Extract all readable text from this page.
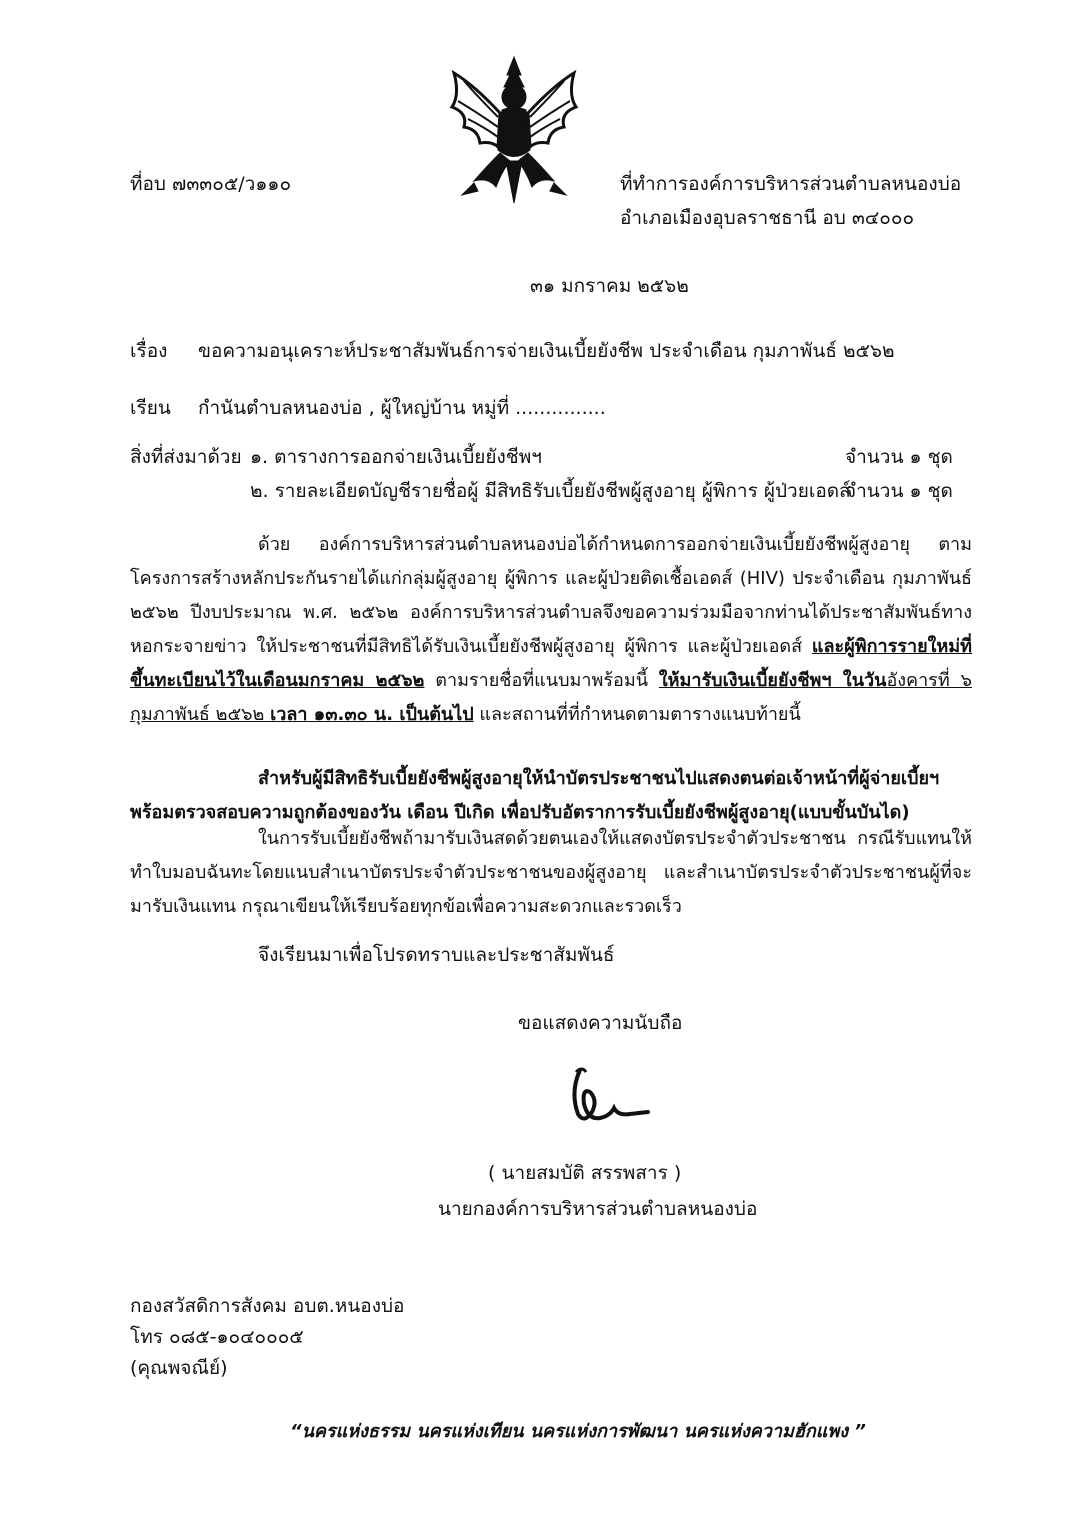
ที่อบ ๗๓๓๐๕/ว๑๑๐	ที่ทำการองค์การบริหารส่วนตำบลหนองบ่อ
อำเภอเมืองอุบลราชธานี อบ ๓๔๐๐๐
๓๑ มกราคม ๒๕๖๒
เรื่อง ขอความอนุเคราะห์ประชาสัมพันธ์การจ่ายเงินเบี้ยยังชีพ ประจำเดือน กุมภาพันธ์ ๒๕๖๒
เรียน กำนันตำบลหนองบ่อ , ผู้ใหญ่บ้าน หมู่ที่ ...............
สิ่งที่ส่งมาด้วย ๑. ตารางการออกจ่ายเงินเบี้ยยังชีพฯ	จำนวน ๑ ชุด
๒. รายละเอียดบัญชีรายชื่อผู้ มีสิทธิรับเบี้ยยังชีพผู้สูงอายุ ผู้พิการ ผู้ป่วยเอดส์
จำนวน ๑ ชุด

ด้วย องค์การบริหารส่วนตำบลหนองบ่อได้กำหนดการออกจ่ายเงินเบี้ยยังชีพผู้สูงอายุ ตามโครงการสร้างหลักประกันรายได้แก่กลุ่มผู้สูงอายุ ผู้พิการ และผู้ป่วยติดเชื้อเอดส์ (HIV) ประจำเดือน กุมภาพันธ์ ๒๕๖๒ ปีงบประมาณ พ.ศ. ๒๕๖๒ องค์การบริหารส่วนตำบลจึงขอความร่วมมือจากท่านได้ประชาสัมพันธ์ทางหอกระจายข่าว ให้ประชาชนที่มีสิทธิได้รับเงินเบี้ยยังชีพผู้สูงอายุ ผู้พิการ และผู้ป่วยเอดส์ และผู้พิการรายใหม่ที่ขึ้นทะเบียนไว้ในเดือนมกราคม ๒๕๖๒ ตามรายชื่อที่แนบมาพร้อมนี้ ให้มารับเงินเบี้ยยังชีพฯ ในวันอังคารที่ ๖ กุมภาพันธ์ ๒๕๖๒ เวลา ๑๓.๓๐ น. เป็นต้นไป และสถานที่ที่กำหนดตามตารางแนบท้ายนี้

สำหรับผู้มีสิทธิรับเบี้ยยังชีพผู้สูงอายุให้นำบัตรประชาชนไปแสดงตนต่อเจ้าหน้าที่ผู้จ่ายเบี้ยฯ พร้อมตรวจสอบความถูกต้องของวัน เดือน ปีเกิด เพื่อปรับอัตราการรับเบี้ยยังชีพผู้สูงอายุ(แบบขั้นบันได)

ในการรับเบี้ยยังชีพถ้ามารับเงินสดด้วยตนเองให้แสดงบัตรประจำตัวประชาชน กรณีรับแทนให้ทำใบมอบฉันทะโดยแนบสำเนาบัตรประจำตัวประชาชนของผู้สูงอายุ และสำเนาบัตรประจำตัวประชาชนผู้ที่จะมารับเงินแทน กรุณาเขียนให้เรียบร้อยทุกข้อเพื่อความสะดวกและรวดเร็ว

จึงเรียนมาเพื่อโปรดทราบและประชาสัมพันธ์
ขอแสดงความนับถือ
( นายสมบัติ สรรพสาร )
นายกองค์การบริหารส่วนตำบลหนองบ่อ
กองสวัสดิการสังคม อบต.หนองบ่อ
โทร ๐๘๕-๑๐๔๐๐๐๕
(คุณพจณีย์)
“นครแห่งธรรม นครแห่งเทียน นครแห่งการพัฒนา นครแห่งความฮักแพง ”
